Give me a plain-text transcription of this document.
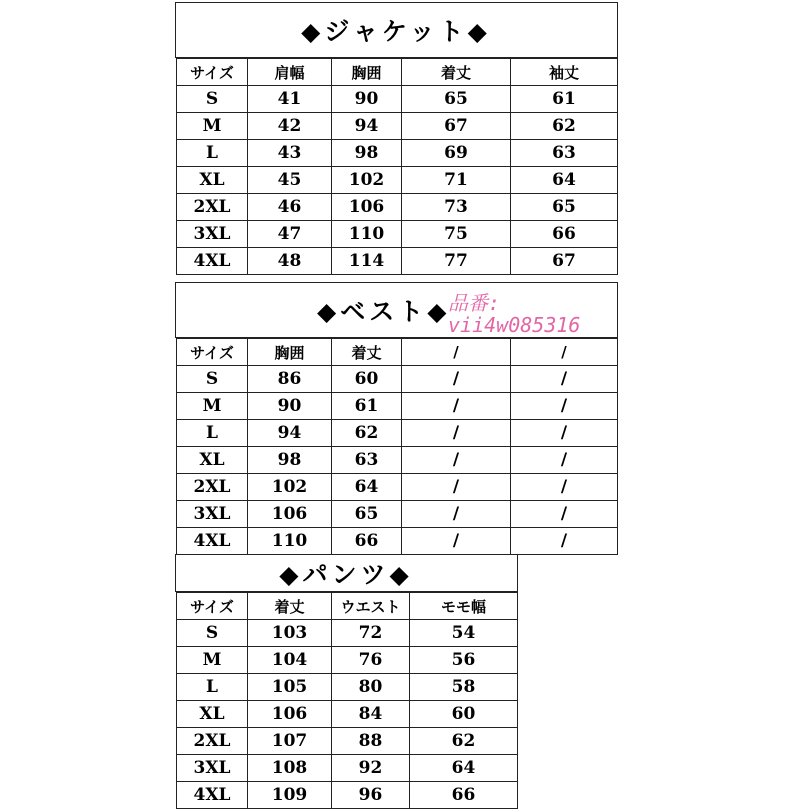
◆ジャケット◆
サイズ	肩幅	胸囲	着丈	袖丈
S	41	90	65	61
M	42	94	67	62
L	43	98	69	63
XL	45	102	71	64
2XL	46	106	73	65
3XL	47	110	75	66
4XL	48	114	77	67
◆ベスト◆
サイズ	胸囲	着丈	/	/
S	86	60	/	/
M	90	61	/	/
L	94	62	/	/
XL	98	63	/	/
2XL	102	64	/	/
3XL	106	65	/	/
4XL	110	66	/	/
◆パンツ◆
サイズ	着丈	ウエスト	モモ幅
S	103	72	54
M	104	76	56
L	105	80	58
XL	106	84	60
2XL	107	88	62
3XL	108	92	64
4XL	109	96	66
品番:
vii4w085316
